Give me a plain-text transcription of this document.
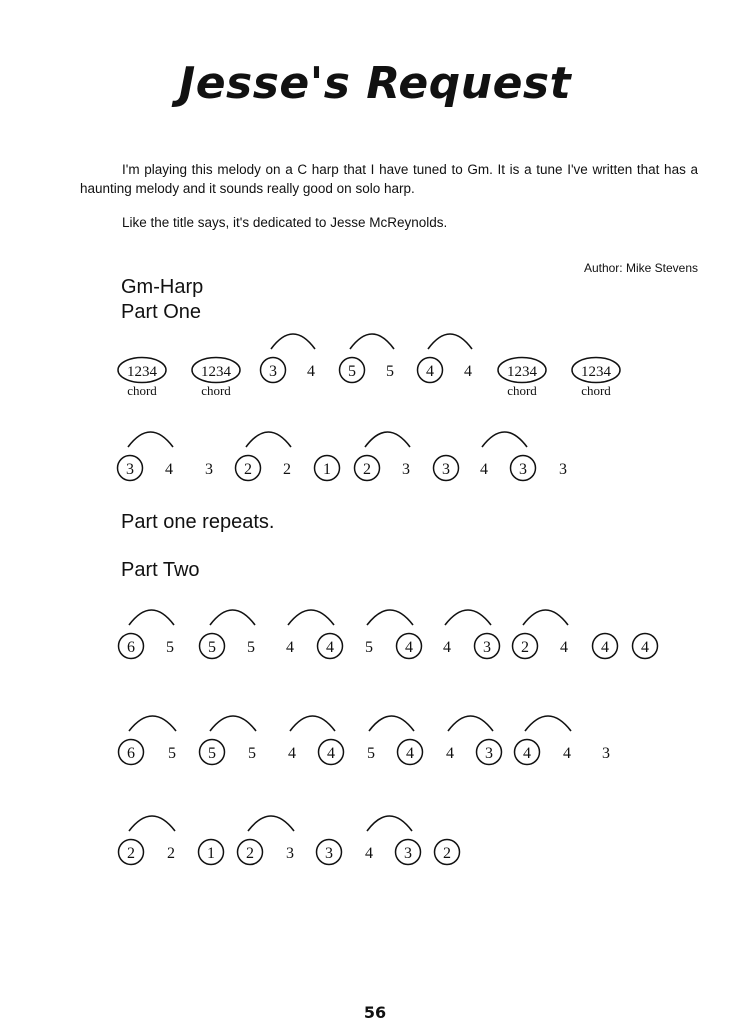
Jesse's Request
I'm playing this melody on a C harp that I have tuned to Gm. It is a tune I've written that has a haunting melody and it sounds really good on solo harp.
Like the title says, it's dedicated to Jesse McReynolds.
Author: Mike Stevens
Gm-Harp
Part One
Part one repeats.
Part Two
1234
chord
1234
chord
3 4 5 5 4 4 1234
chord
1234
chord
3 4 3 2 2 1 2 3 3 4 3 3
6 5 5 5 4 4 5 4 4 3 2 4 4 4
6 5 5 5 4 4 5 4 4 3 4 4 3
2 2 1 2 3 3 4 3 2
56
